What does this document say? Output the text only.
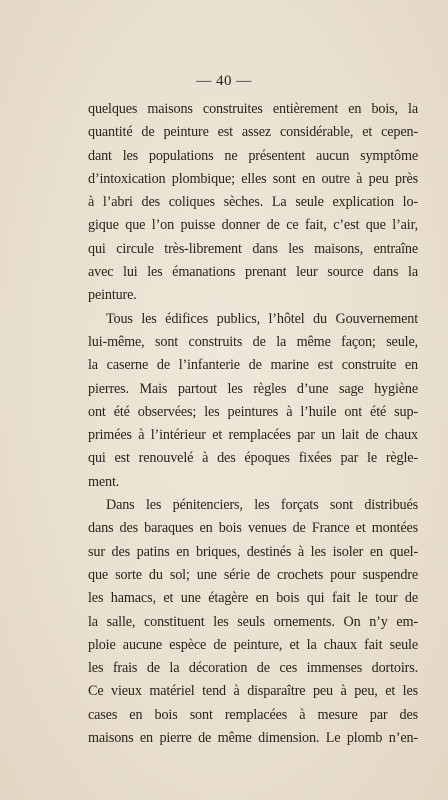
— 40 —

quelques maisons construites entièrement en bois, la
quantité de peinture est assez considérable, et cepen-
dant les populations ne présentent aucun symptôme
d’intoxication plombique; elles sont en outre à peu près
à l’abri des coliques sèches. La seule explication lo-
gique que l’on puisse donner de ce fait, c’est que l’air,
qui circule très-librement dans les maisons, entraîne
avec lui les émanations prenant leur source dans la
peinture.

Tous les édifices publics, l’hôtel du Gouvernement
lui-même, sont construits de la même façon; seule,
la caserne de l’infanterie de marine est construite en
pierres. Mais partout les règles d’une sage hygiène
ont été observées; les peintures à l’huile ont été sup-
primées à l’intérieur et remplacées par un lait de chaux
qui est renouvelé à des époques fixées par le règle-
ment.

Dans les pénitenciers, les forçats sont distribués
dans des baraques en bois venues de France et montées
sur des patins en briques, destinés à les isoler en quel-
que sorte du sol; une série de crochets pour suspendre
les hamacs, et une étagère en bois qui fait le tour de
la salle, constituent les seuls ornements. On n’y em-
ploie aucune espèce de peinture, et la chaux fait seule
les frais de la décoration de ces immenses dortoirs.
Ce vieux matériel tend à disparaître peu à peu, et les
cases en bois sont remplacées à mesure par des
maisons en pierre de même dimension. Le plomb n’en-
